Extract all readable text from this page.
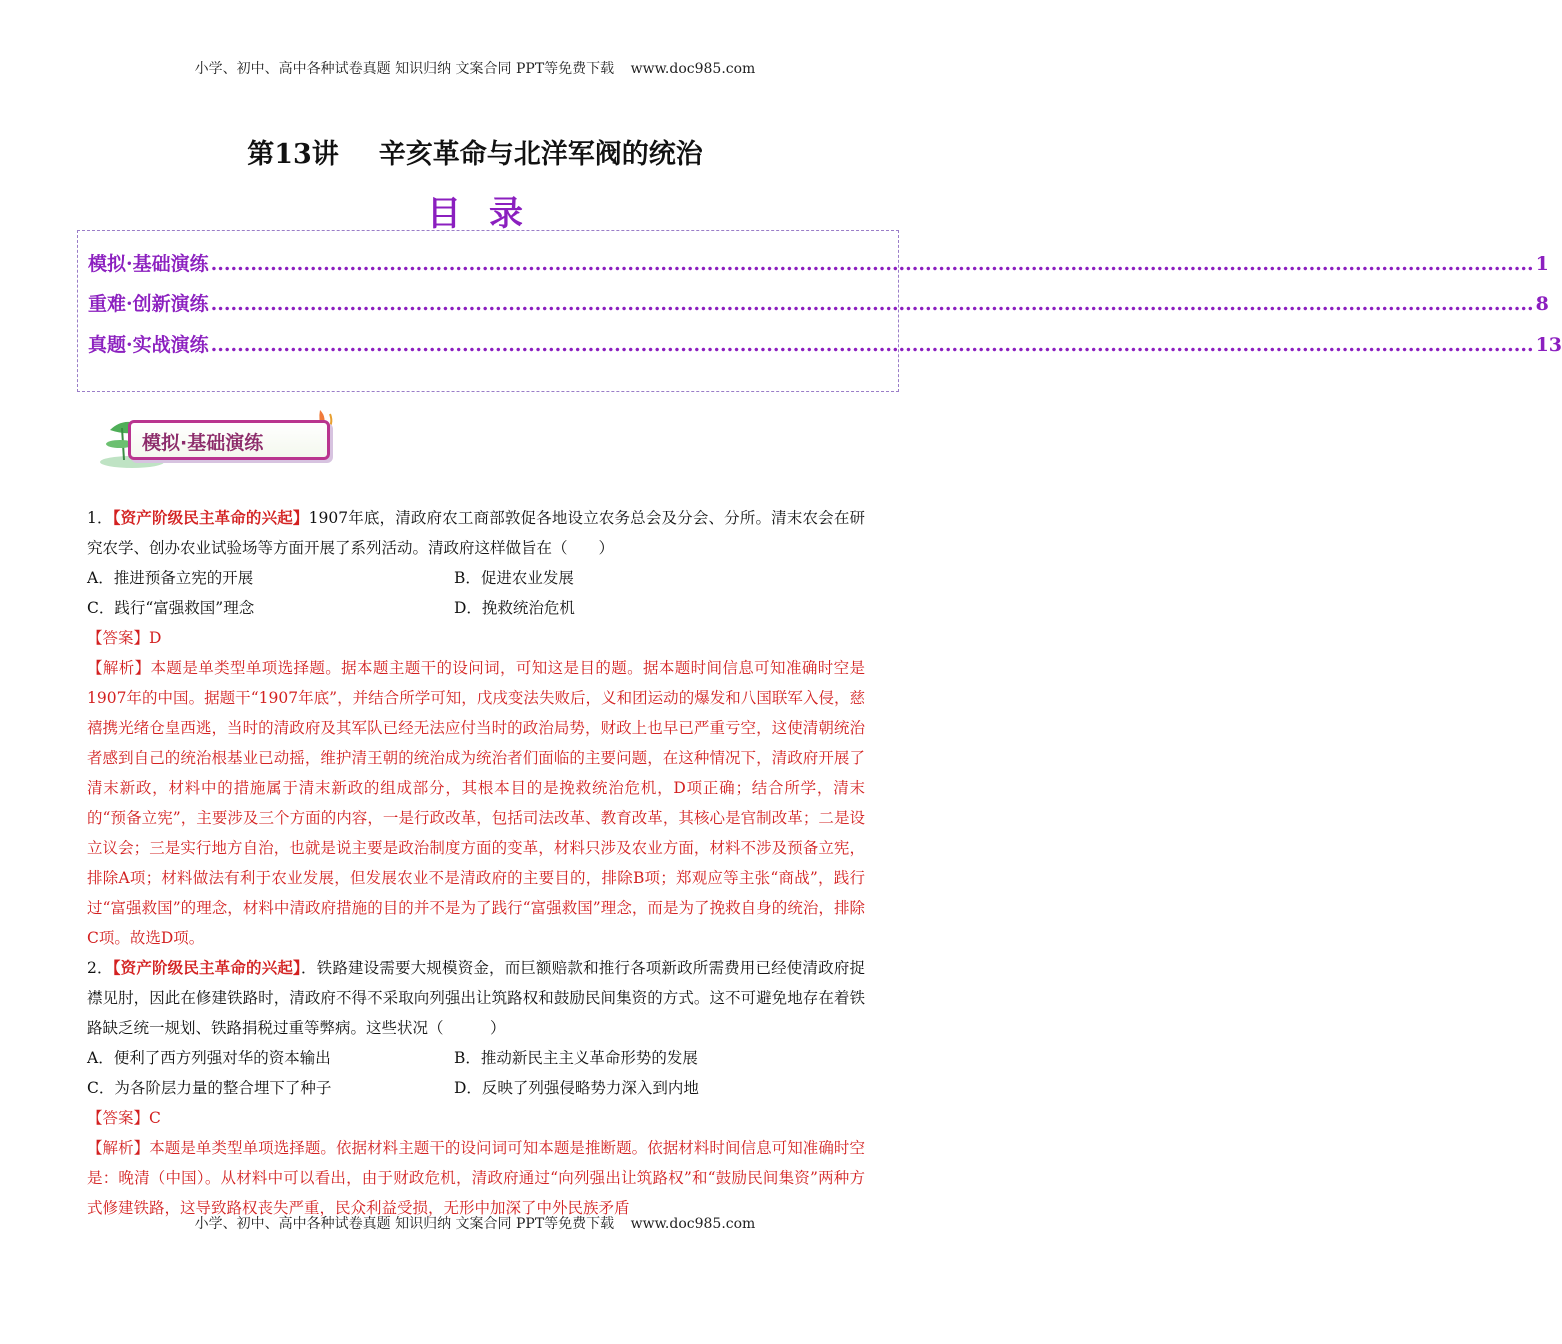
小学、初中、高中各种试卷真题 知识归纳 文案合同 PPT等免费下载 www.doc985.com
第13讲 辛亥革命与北洋军阀的统治
目录
模拟·基础演练 ........................................................................................................................................................................................................ 1
重难·创新演练 ........................................................................................................................................................................................................ 8
真题·实战演练 ........................................................................................................................................................................................................ 13
模拟·基础演练

1．【资产阶级民主革命的兴起】1907年底，清政府农工商部敦促各地设立农务总会及分会、分所。清末农会在研究农学、创办农业试验场等方面开展了系列活动。清政府这样做旨在（　　）

A．推进预备立宪的开展	B．促进农业发展
C．践行“富强救国”理念	D．挽救统治危机

【答案】D

【解析】本题是单类型单项选择题。据本题主题干的设问词，可知这是目的题。据本题时间信息可知准确时空是1907年的中国。据题干“1907年底”，并结合所学可知，戊戌变法失败后，义和团运动的爆发和八国联军入侵，慈禧携光绪仓皇西逃，当时的清政府及其军队已经无法应付当时的政治局势，财政上也早已严重亏空，这使清朝统治者感到自己的统治根基业已动摇，维护清王朝的统治成为统治者们面临的主要问题，在这种情况下，清政府开展了清末新政，材料中的措施属于清末新政的组成部分，其根本目的是挽救统治危机，D项正确；结合所学，清末的“预备立宪”，主要涉及三个方面的内容，一是行政改革，包括司法改革、教育改革，其核心是官制改革；二是设立议会；三是实行地方自治，也就是说主要是政治制度方面的变革，材料只涉及农业方面，材料不涉及预备立宪，排除A项；材料做法有利于农业发展，但发展农业不是清政府的主要目的，排除B项；郑观应等主张“商战”，践行过“富强救国”的理念，材料中清政府措施的目的并不是为了践行“富强救国”理念，而是为了挽救自身的统治，排除C项。故选D项。

2．【资产阶级民主革命的兴起】．铁路建设需要大规模资金，而巨额赔款和推行各项新政所需费用已经使清政府捉襟见肘，因此在修建铁路时，清政府不得不采取向列强出让筑路权和鼓励民间集资的方式。这不可避免地存在着铁路缺乏统一规划、铁路捐税过重等弊病。这些状况（　　　）

A．便利了西方列强对华的资本输出	B．推动新民主主义革命形势的发展
C．为各阶层力量的整合埋下了种子	D．反映了列强侵略势力深入到内地

【答案】C

【解析】本题是单类型单项选择题。依据材料主题干的设问词可知本题是推断题。依据材料时间信息可知准确时空是：晚清（中国）。从材料中可以看出，由于财政危机，清政府通过“向列强出让筑路权”和“鼓励民间集资”两种方式修建铁路，这导致路权丧失严重，民众利益受损，无形中加深了中外民族矛盾

小学、初中、高中各种试卷真题 知识归纳 文案合同 PPT等免费下载 www.doc985.com
